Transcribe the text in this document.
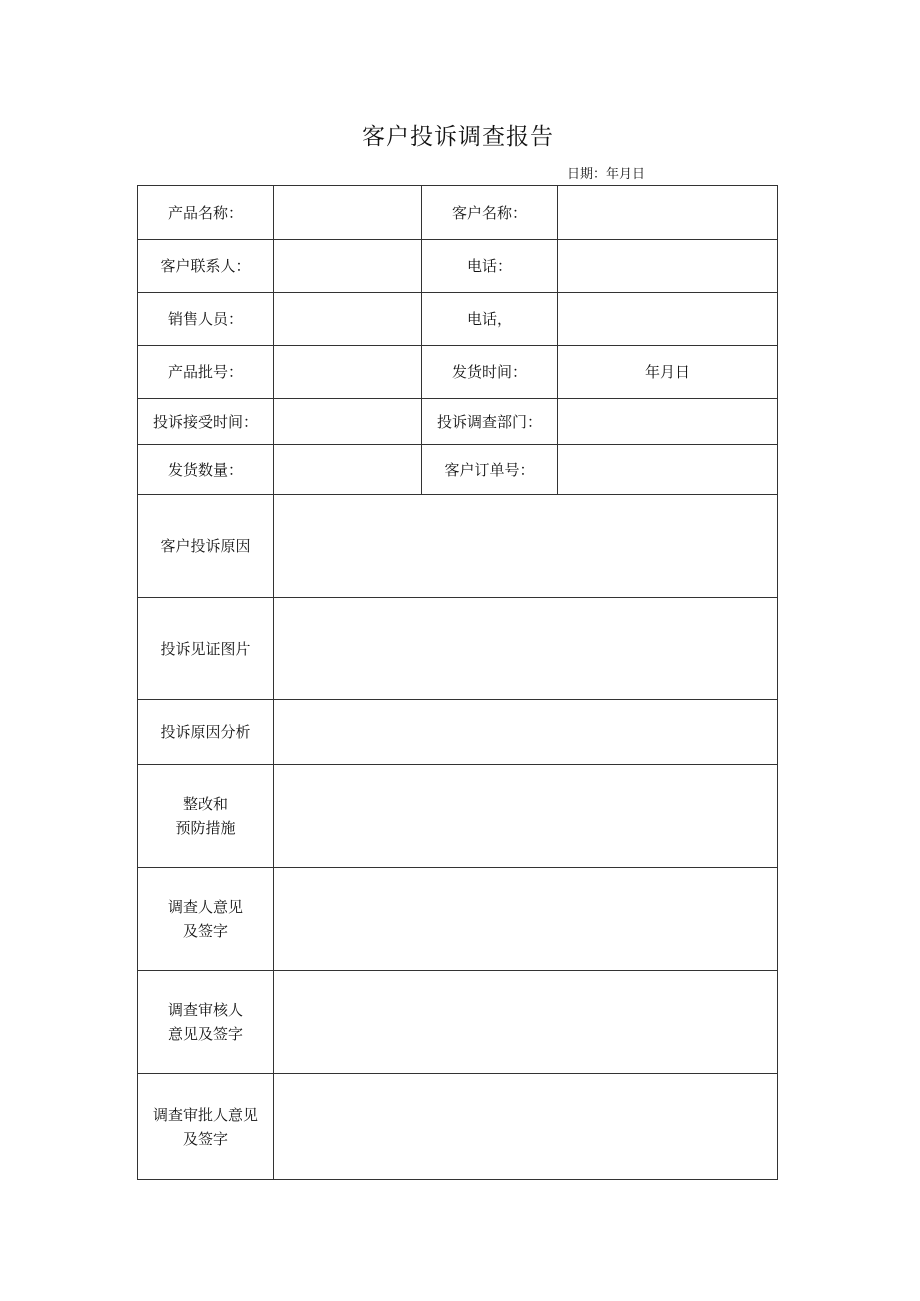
客户投诉调查报告
日期：年月日
产品名称：		客户名称：	
客户联系人：		电话：	
销售人员：		电话，	
产品批号：		发货时间：	年月日
投诉接受时间：		投诉调查部门：	
发货数量：		客户订单号：	
客户投诉原因			
投诉见证图片			
投诉原因分析			

整改和
预防措施			

调查人意见
及签字			

调查审核人
意见及签字			

调查审批人意见
及签字			
